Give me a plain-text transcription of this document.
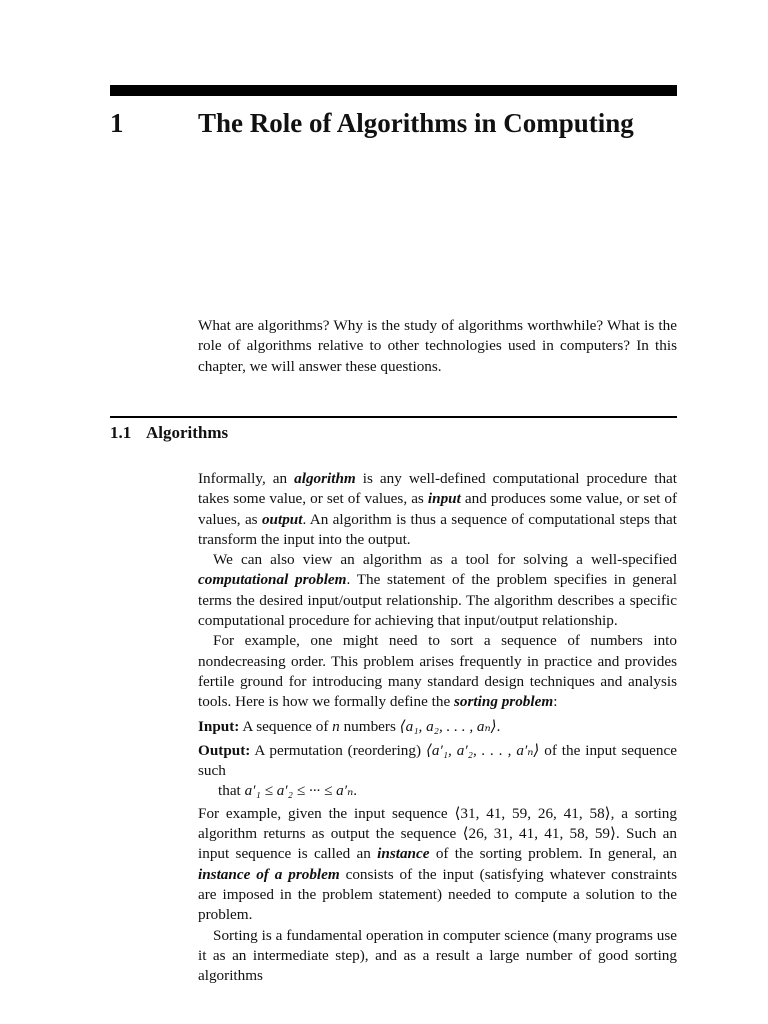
1	The Role of Algorithms in Computing

What are algorithms? Why is the study of algorithms worthwhile? What is the role of algorithms relative to other technologies used in computers? In this chapter, we will answer these questions.

1.1 Algorithms

Informally, an algorithm is any well-defined computational procedure that takes some value, or set of values, as input and produces some value, or set of values, as output. An algorithm is thus a sequence of computational steps that transform the input into the output.

We can also view an algorithm as a tool for solving a well-specified computational problem. The statement of the problem specifies in general terms the desired input/output relationship. The algorithm describes a specific computational procedure for achieving that input/output relationship.

For example, one might need to sort a sequence of numbers into nondecreasing order. This problem arises frequently in practice and provides fertile ground for introducing many standard design techniques and analysis tools. Here is how we formally define the sorting problem:

Input: A sequence of n numbers ⟨a₁, a₂, . . . , aₙ⟩.
Output: A permutation (reordering) ⟨a′₁, a′₂, . . . , a′ₙ⟩ of the input sequence such
that a′₁ ≤ a′₂ ≤ ··· ≤ a′ₙ.

For example, given the input sequence ⟨31, 41, 59, 26, 41, 58⟩, a sorting algorithm returns as output the sequence ⟨26, 31, 41, 41, 58, 59⟩. Such an input sequence is called an instance of the sorting problem. In general, an instance of a problem consists of the input (satisfying whatever constraints are imposed in the problem statement) needed to compute a solution to the problem.

Sorting is a fundamental operation in computer science (many programs use it as an intermediate step), and as a result a large number of good sorting algorithms
